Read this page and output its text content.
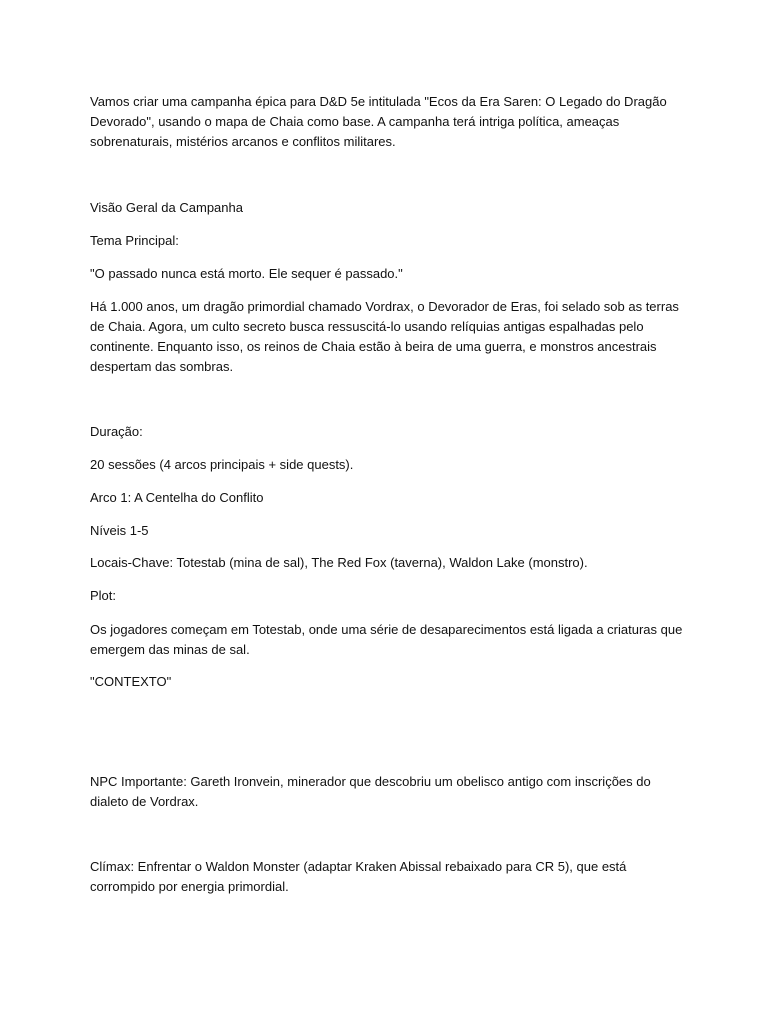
Vamos criar uma campanha épica para D&D 5e intitulada "Ecos da Era Saren: O Legado do Dragão Devorado", usando o mapa de Chaia como base. A campanha terá intriga política, ameaças sobrenaturais, mistérios arcanos e conflitos militares.

Visão Geral da Campanha

Tema Principal:

"O passado nunca está morto. Ele sequer é passado."

Há 1.000 anos, um dragão primordial chamado Vordrax, o Devorador de Eras, foi selado sob as terras de Chaia. Agora, um culto secreto busca ressuscitá-lo usando relíquias antigas espalhadas pelo continente. Enquanto isso, os reinos de Chaia estão à beira de uma guerra, e monstros ancestrais despertam das sombras.

Duração:

20 sessões (4 arcos principais + side quests).

Arco 1: A Centelha do Conflito

Níveis 1-5

Locais-Chave: Totestab (mina de sal), The Red Fox (taverna), Waldon Lake (monstro).

Plot:

Os jogadores começam em Totestab, onde uma série de desaparecimentos está ligada a criaturas que emergem das minas de sal.

"CONTEXTO"

NPC Importante: Gareth Ironvein, minerador que descobriu um obelisco antigo com inscrições do dialeto de Vordrax.

Clímax: Enfrentar o Waldon Monster (adaptar Kraken Abissal rebaixado para CR 5), que está corrompido por energia primordial.
